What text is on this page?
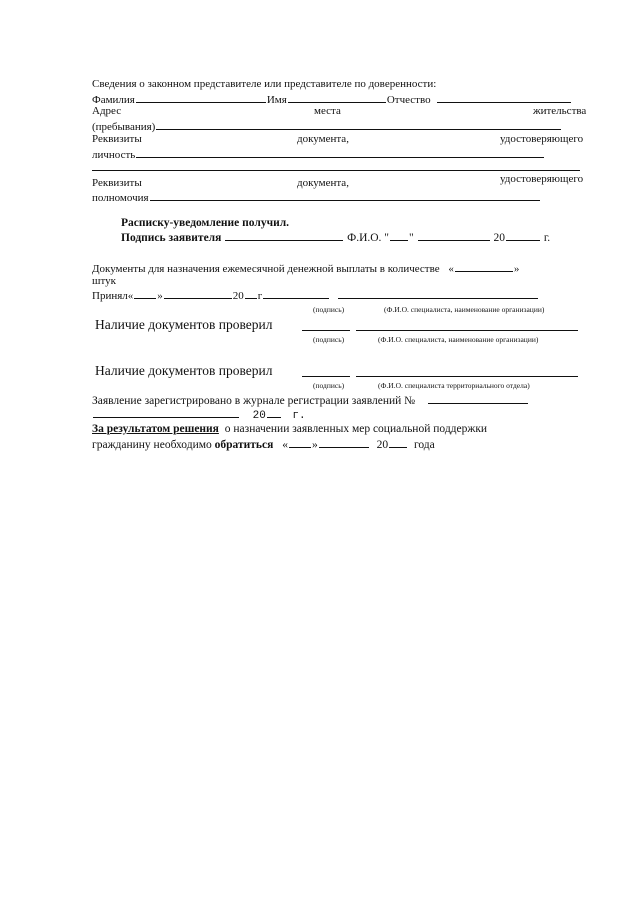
Сведения о законном представителе или представителе по доверенности:
Фамилия	Имя	Отчество
Адрес	места	жительства
(пребывания)
Реквизиты	документа,	удостоверяющего
личность
Реквизиты	документа,	удостоверяющего
полномочия
Расписку-уведомление получил.
Подпись заявителя	Ф.И.О. " "	20	г.
Документы для назначения ежемесячной денежной выплаты в количестве «	»
штук
Принял« »	20 г
(подпись)	(Ф.И.О. специалиста, наименование организации)
Наличие документов проверил
(подпись)	(Ф.И.О. специалиста, наименование организации)
Наличие документов проверил
(подпись)	(Ф.И.О. специалиста территориального отдела)
Заявление зарегистрировано в журнале регистрации заявлений №
20 г.
За результатом решения о назначении заявленных мер социальной поддержки
гражданину необходимо обратиться « »	20 года
